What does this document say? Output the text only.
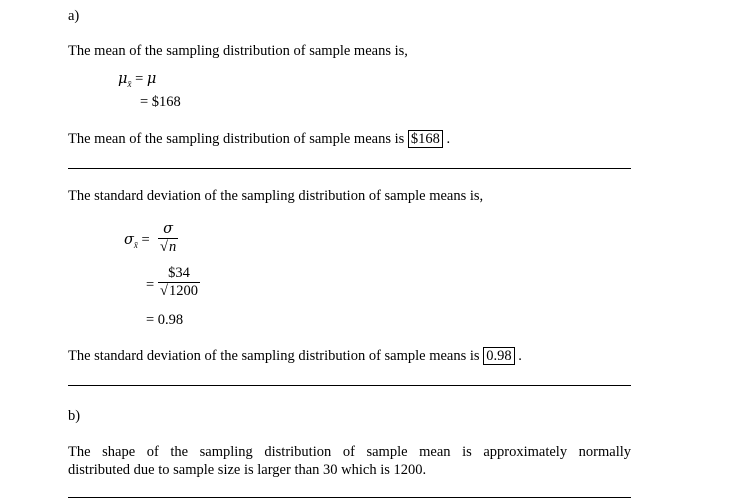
a)
The mean of the sampling distribution of sample means is,
$\mu_{x̄} = \mu$
= $168
The mean of the sampling distribution of sample means is $168 .
The standard deviation of the sampling distribution of sample means is,
$\sigma_{x̄} = \frac{\sigma}{√n}$
= $\frac{\$34}{√1200}$
= 0.98
The standard deviation of the sampling distribution of sample means is 0.98 .
b)
The shape of the sampling distribution of sample mean is approximately normally
distributed due to sample size is larger than 30 which is 1200.
